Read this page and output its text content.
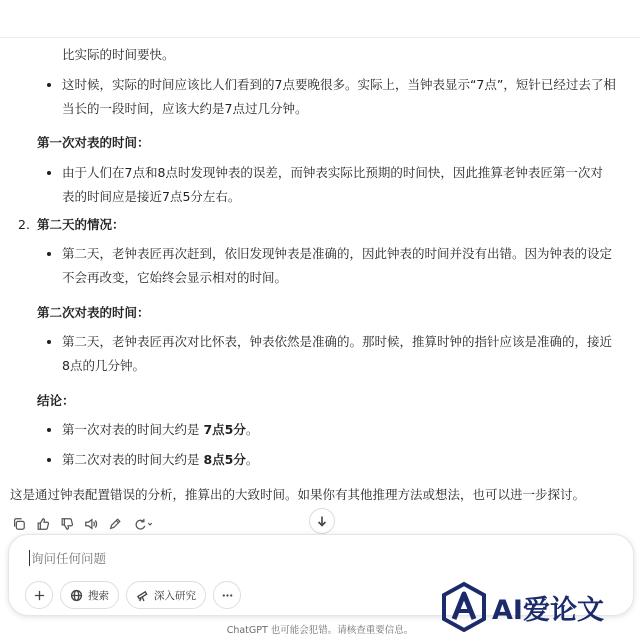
比实际的时间要快。
这时候，实际的时间应该比人们看到的7点要晚很多。实际上，当钟表显示“7点”，短针已经过去了相
当长的一段时间，应该大约是7点过几分钟。
第一次对表的时间：
由于人们在7点和8点时发现钟表的误差，而钟表实际比预期的时间快，因此推算老钟表匠第一次对
表的时间应是接近7点5分左右。
2. 第二天的情况：
第二天，老钟表匠再次赶到，依旧发现钟表是准确的，因此钟表的时间并没有出错。因为钟表的设定
不会再改变，它始终会显示相对的时间。
第二次对表的时间：
第二天，老钟表匠再次对比怀表，钟表依然是准确的。那时候，推算时钟的指针应该是准确的，接近
8点的几分钟。
结论：
第一次对表的时间大约是 7点5分。
第二次对表的时间大约是 8点5分。
这是通过钟表配置错误的分析，推算出的大致时间。如果你有其他推理方法或想法，也可以进一步探讨。
询问任何问题
搜索	深入研究
ChatGPT 也可能会犯错。请核查重要信息。
AI爱论文
